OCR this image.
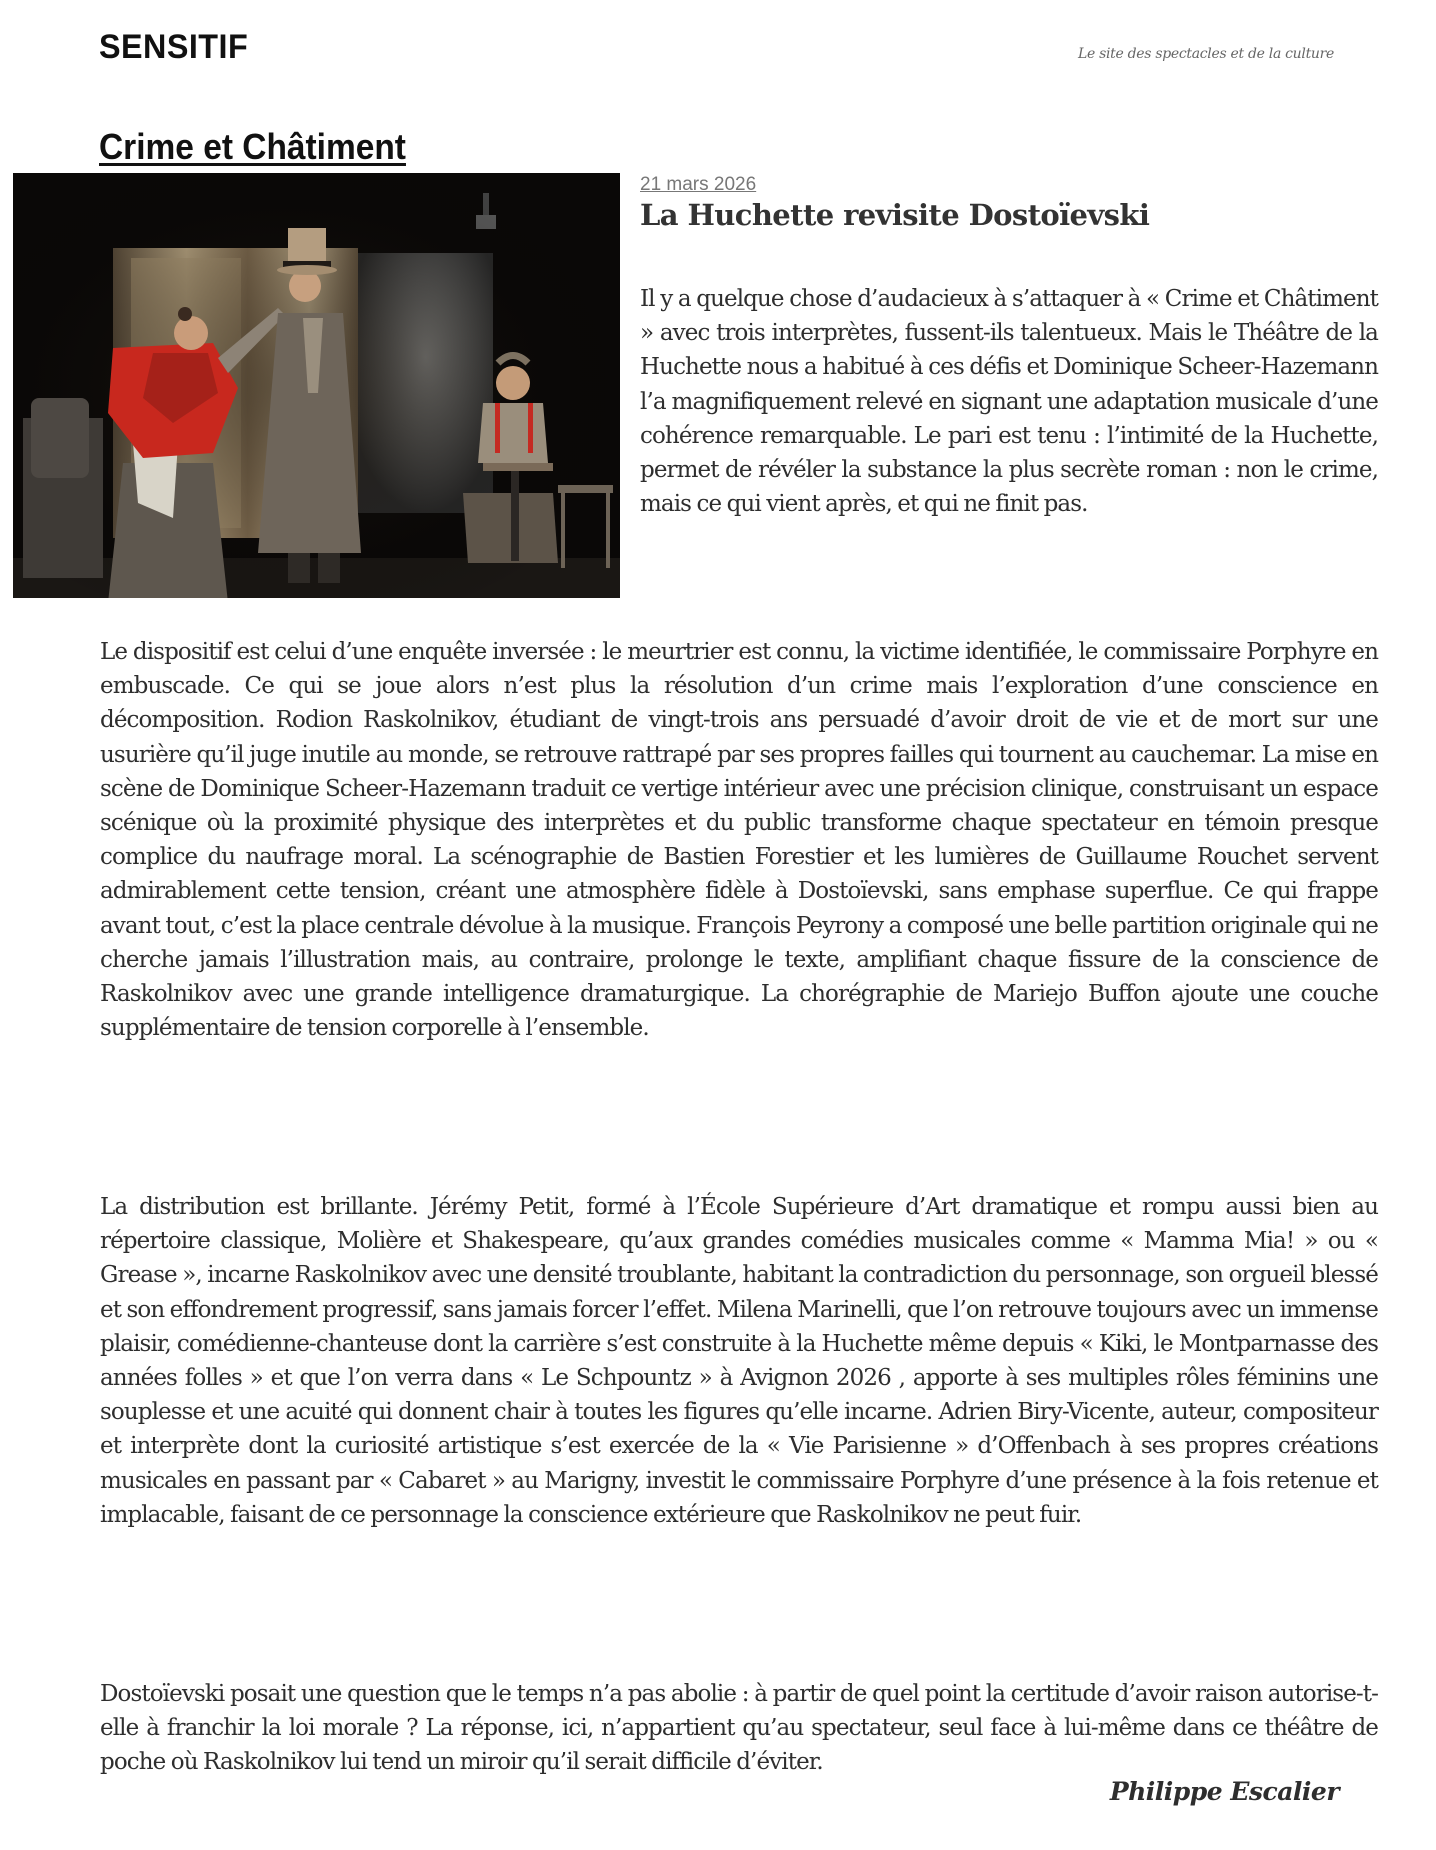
SENSITIF	Le site des spectacles et de la culture
Crime et Châtiment
21 mars 2026
La Huchette revisite Dostoïevski

Il y a quelque chose d’audacieux à s’attaquer à « Crime et Châtiment » avec trois interprètes, fussent-ils talentueux. Mais le Théâtre de la Huchette nous a habitué à ces défis et Dominique Scheer-Hazemann l’a magnifiquement relevé en signant une adaptation musicale d’une cohérence remarquable. Le pari est tenu : l’intimité de la Huchette, permet de révéler la substance la plus secrète roman : non le crime, mais ce qui vient après, et qui ne finit pas.

Le dispositif est celui d’une enquête inversée : le meurtrier est connu, la victime identifiée, le commissaire Porphyre en embuscade. Ce qui se joue alors n’est plus la résolution d’un crime mais l’exploration d’une conscience en décomposition. Rodion Raskolnikov, étudiant de vingt-trois ans persuadé d’avoir droit de vie et de mort sur une usurière qu’il juge inutile au monde, se retrouve rattrapé par ses propres failles qui tournent au cauchemar. La mise en scène de Dominique Scheer-Hazemann traduit ce vertige intérieur avec une précision clinique, construisant un espace scénique où la proximité physique des interprètes et du public transforme chaque spectateur en témoin presque complice du naufrage moral. La scénographie de Bastien Forestier et les lumières de Guillaume Rouchet servent admirablement cette tension, créant une atmosphère fidèle à Dostoïevski, sans emphase superflue. Ce qui frappe avant tout, c’est la place centrale dévolue à la musique. François Peyrony a composé une belle partition originale qui ne cherche jamais l’illustration mais, au contraire, prolonge le texte, amplifiant chaque fissure de la conscience de Raskolnikov avec une grande intelligence dramaturgique. La chorégraphie de Mariejo Buffon ajoute une couche supplémentaire de tension corporelle à l’ensemble.

La distribution est brillante. Jérémy Petit, formé à l’École Supérieure d’Art dramatique et rompu aussi bien au répertoire classique, Molière et Shakespeare, qu’aux grandes comédies musicales comme « Mamma Mia! » ou « Grease », incarne Raskolnikov avec une densité troublante, habitant la contradiction du personnage, son orgueil blessé et son effondrement progressif, sans jamais forcer l’effet. Milena Marinelli, que l’on retrouve toujours avec un immense plaisir, comédienne-chanteuse dont la carrière s’est construite à la Huchette même depuis « Kiki, le Montparnasse des années folles » et que l’on verra dans « Le Schpountz » à Avignon 2026 , apporte à ses multiples rôles féminins une souplesse et une acuité qui donnent chair à toutes les figures qu’elle incarne. Adrien Biry-Vicente, auteur, compositeur et interprète dont la curiosité artistique s’est exercée de la « Vie Parisienne » d’Offenbach à ses propres créations musicales en passant par « Cabaret » au Marigny, investit le commissaire Porphyre d’une présence à la fois retenue et implacable, faisant de ce personnage la conscience extérieure que Raskolnikov ne peut fuir.

Dostoïevski posait une question que le temps n’a pas abolie : à partir de quel point la certitude d’avoir raison autorise-t-elle à franchir la loi morale ? La réponse, ici, n’appartient qu’au spectateur, seul face à lui-même dans ce théâtre de poche où Raskolnikov lui tend un miroir qu’il serait difficile d’éviter.

Philippe Escalier
